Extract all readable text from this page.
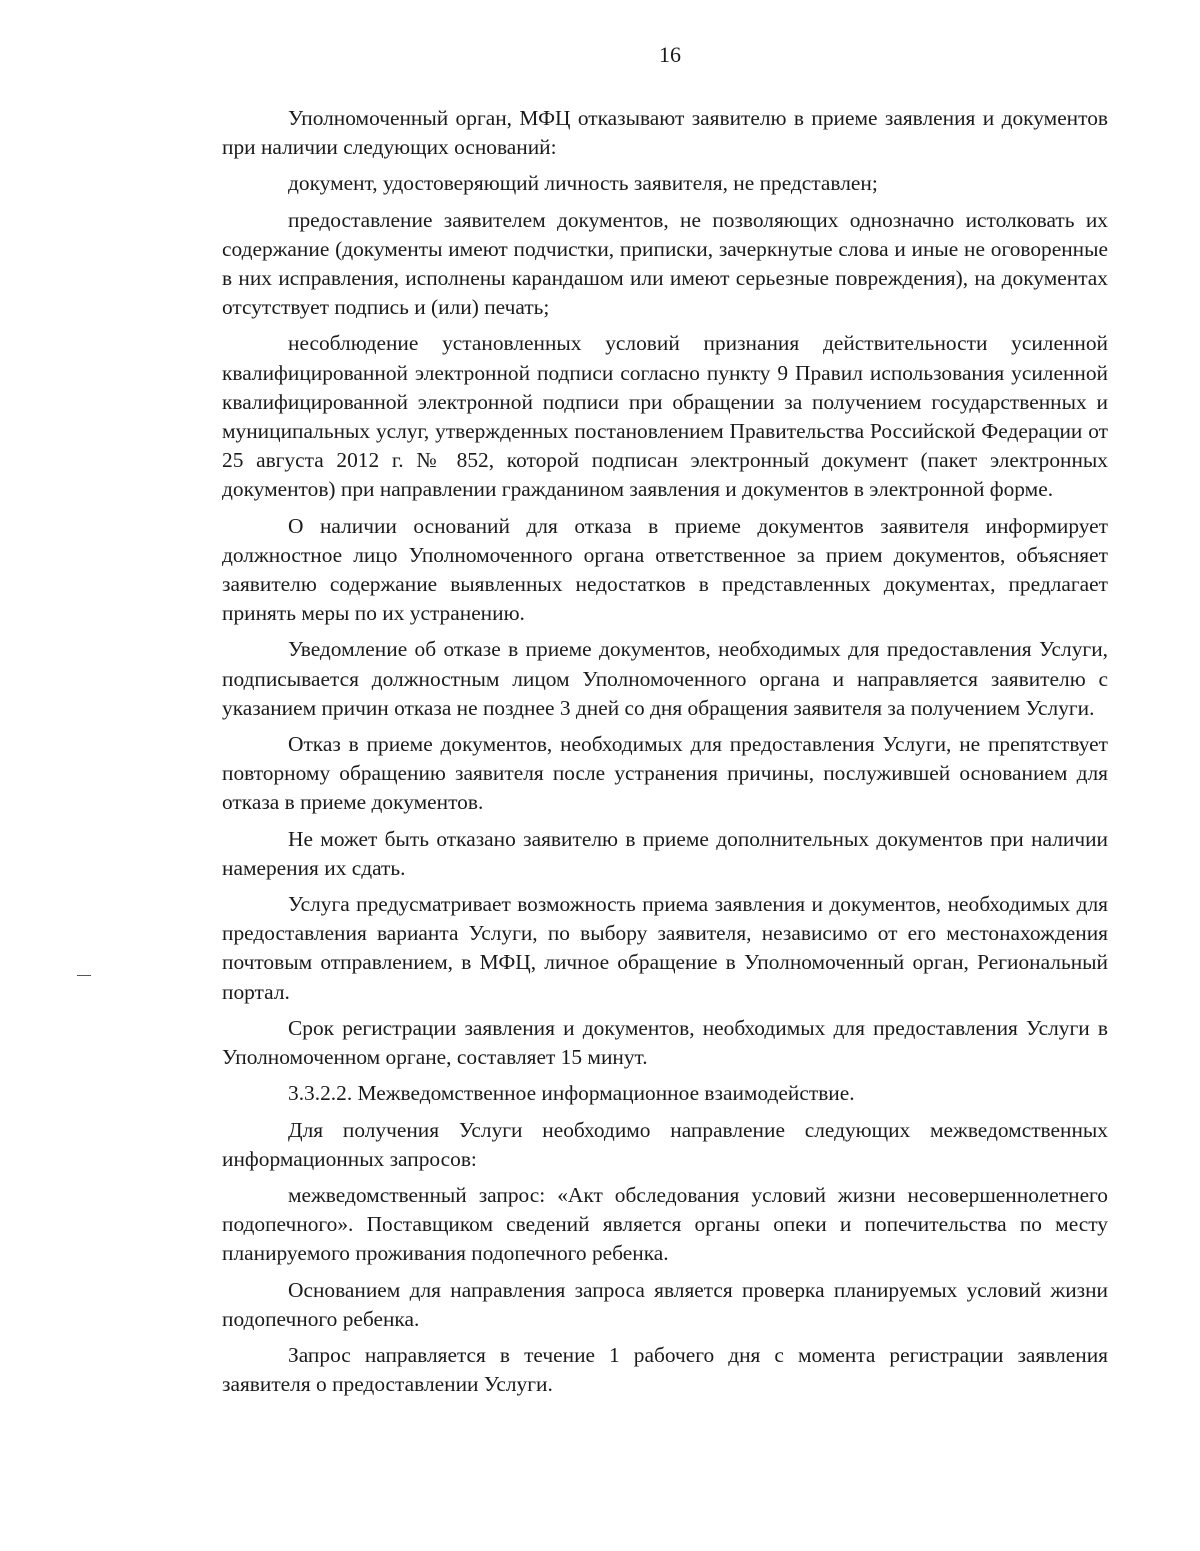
16

Уполномоченный орган, МФЦ отказывают заявителю в приеме заявления и документов при наличии следующих оснований:

документ, удостоверяющий личность заявителя, не представлен;

предоставление заявителем документов, не позволяющих однозначно истолковать их содержание (документы имеют подчистки, приписки, зачеркнутые слова и иные не оговоренные в них исправления, исполнены карандашом или имеют серьезные повреждения), на документах отсутствует подпись и (или) печать;

несоблюдение установленных условий признания действительности усиленной квалифицированной электронной подписи согласно пункту 9 Правил использования усиленной квалифицированной электронной подписи при обращении за получением государственных и муниципальных услуг, утвержденных постановлением Правительства Российской Федерации от 25 августа 2012 г. № 852, которой подписан электронный документ (пакет электронных документов) при направлении гражданином заявления и документов в электронной форме.

О наличии оснований для отказа в приеме документов заявителя информирует должностное лицо Уполномоченного органа ответственное за прием документов, объясняет заявителю содержание выявленных недостатков в представленных документах, предлагает принять меры по их устранению.

Уведомление об отказе в приеме документов, необходимых для предоставления Услуги, подписывается должностным лицом Уполномоченного органа и направляется заявителю с указанием причин отказа не позднее 3 дней со дня обращения заявителя за получением Услуги.

Отказ в приеме документов, необходимых для предоставления Услуги, не препятствует повторному обращению заявителя после устранения причины, послужившей основанием для отказа в приеме документов.

Не может быть отказано заявителю в приеме дополнительных документов при наличии намерения их сдать.

Услуга предусматривает возможность приема заявления и документов, необходимых для предоставления варианта Услуги, по выбору заявителя, независимо от его местонахождения почтовым отправлением, в МФЦ, личное обращение в Уполномоченный орган, Региональный портал.

Срок регистрации заявления и документов, необходимых для предоставления Услуги в Уполномоченном органе, составляет 15 минут.

3.3.2.2. Межведомственное информационное взаимодействие.

Для получения Услуги необходимо направление следующих межведомственных информационных запросов:

межведомственный запрос: «Акт обследования условий жизни несовершеннолетнего подопечного». Поставщиком сведений является органы опеки и попечительства по месту планируемого проживания подопечного ребенка.

Основанием для направления запроса является проверка планируемых условий жизни подопечного ребенка.

Запрос направляется в течение 1 рабочего дня с момента регистрации заявления заявителя о предоставлении Услуги.
